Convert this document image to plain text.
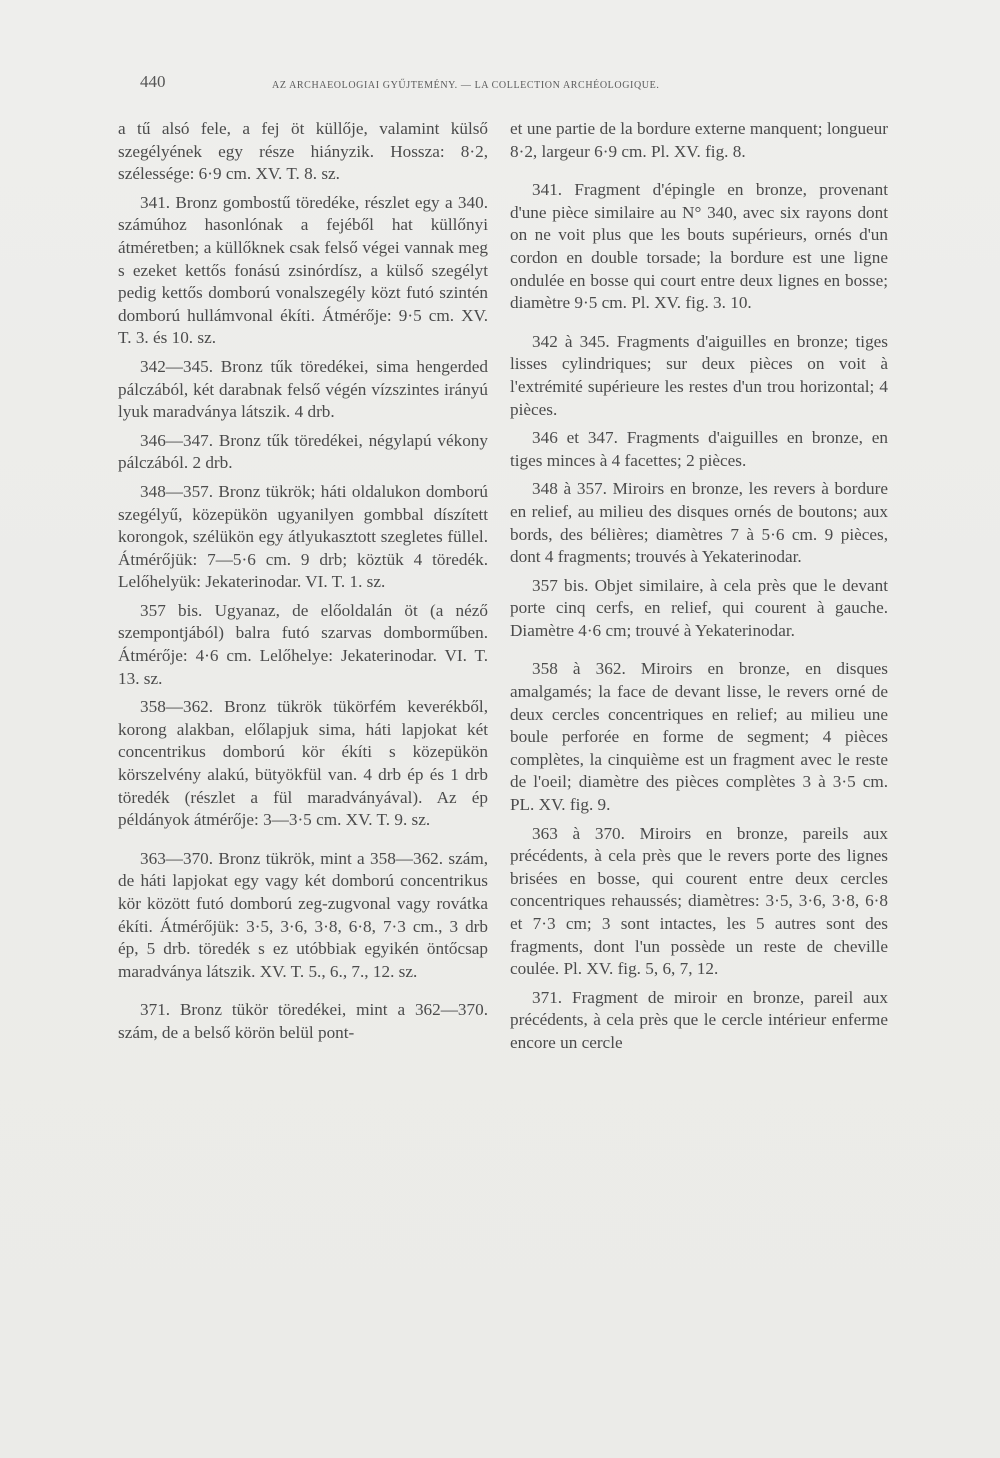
440	AZ ARCHAEOLOGIAI GYŰJTEMÉNY. — LA COLLECTION ARCHÉOLOGIQUE.

a tű alsó fele, a fej öt küllője, valamint külső szegélyének egy része hiányzik. Hossza: 8·2, szélessége: 6·9 cm. XV. T. 8. sz.

341. Bronz gombostű töredéke, részlet egy a 340. számúhoz hasonlónak a fejéből hat küllőnyi átméretben; a küllőknek csak felső végei vannak meg s ezeket kettős fonású zsinórdísz, a külső szegélyt pedig kettős domború vonalszegély közt futó szintén domború hullámvonal ékíti. Átmérője: 9·5 cm. XV. T. 3. és 10. sz.

342—345. Bronz tűk töredékei, sima hengerded pálczából, két darabnak felső végén vízszintes irányú lyuk maradványa látszik. 4 drb.

346—347. Bronz tűk töredékei, négylapú vékony pálczából. 2 drb.

348—357. Bronz tükrök; háti oldalukon domború szegélyű, közepükön ugyanilyen gombbal díszített korongok, szélükön egy átlyukasztott szegletes füllel. Átmérőjük: 7—5·6 cm. 9 drb; köztük 4 töredék. Lelőhelyük: Jekaterinodar. VI. T. 1. sz.

357 bis. Ugyanaz, de előoldalán öt (a néző szempontjából) balra futó szarvas domborműben. Átmérője: 4·6 cm. Lelőhelye: Jekaterinodar. VI. T. 13. sz.

358—362. Bronz tükrök tükörfém keverékből, korong alakban, előlapjuk sima, háti lapjokat két concentrikus domború kör ékíti s közepükön körszelvény alakú, bütyökfül van. 4 drb ép és 1 drb töredék (részlet a fül maradványával). Az ép példányok átmérője: 3—3·5 cm. XV. T. 9. sz.

363—370. Bronz tükrök, mint a 358—362. szám, de háti lapjokat egy vagy két domború concentrikus kör között futó domború zeg-zugvonal vagy rovátka ékíti. Átmérőjük: 3·5, 3·6, 3·8, 6·8, 7·3 cm., 3 drb ép, 5 drb. töredék s ez utóbbiak egyikén öntőcsap maradványa látszik. XV. T. 5., 6., 7., 12. sz.

371. Bronz tükör töredékei, mint a 362—370. szám, de a belső körön belül pont-

et une partie de la bordure externe manquent; longueur 8·2, largeur 6·9 cm. Pl. XV. fig. 8.

341. Fragment d'épingle en bronze, provenant d'une pièce similaire au N° 340, avec six rayons dont on ne voit plus que les bouts supérieurs, ornés d'un cordon en double torsade; la bordure est une ligne ondulée en bosse qui court entre deux lignes en bosse; diamètre 9·5 cm. Pl. XV. fig. 3. 10.

342 à 345. Fragments d'aiguilles en bronze; tiges lisses cylindriques; sur deux pièces on voit à l'extrémité supérieure les restes d'un trou horizontal; 4 pièces.

346 et 347. Fragments d'aiguilles en bronze, en tiges minces à 4 facettes; 2 pièces.

348 à 357. Miroirs en bronze, les revers à bordure en relief, au milieu des disques ornés de boutons; aux bords, des bélières; diamètres 7 à 5·6 cm. 9 pièces, dont 4 fragments; trouvés à Yekaterinodar.

357 bis. Objet similaire, à cela près que le devant porte cinq cerfs, en relief, qui courent à gauche. Diamètre 4·6 cm; trouvé à Yekaterinodar.

358 à 362. Miroirs en bronze, en disques amalgamés; la face de devant lisse, le revers orné de deux cercles concentriques en relief; au milieu une boule perforée en forme de segment; 4 pièces complètes, la cinquième est un fragment avec le reste de l'oeil; diamètre des pièces complètes 3 à 3·5 cm. PL. XV. fig. 9.

363 à 370. Miroirs en bronze, pareils aux précédents, à cela près que le revers porte des lignes brisées en bosse, qui courent entre deux cercles concentriques rehaussés; diamètres: 3·5, 3·6, 3·8, 6·8 et 7·3 cm; 3 sont intactes, les 5 autres sont des fragments, dont l'un possède un reste de cheville coulée. Pl. XV. fig. 5, 6, 7, 12.

371. Fragment de miroir en bronze, pareil aux précédents, à cela près que le cercle intérieur enferme encore un cercle
